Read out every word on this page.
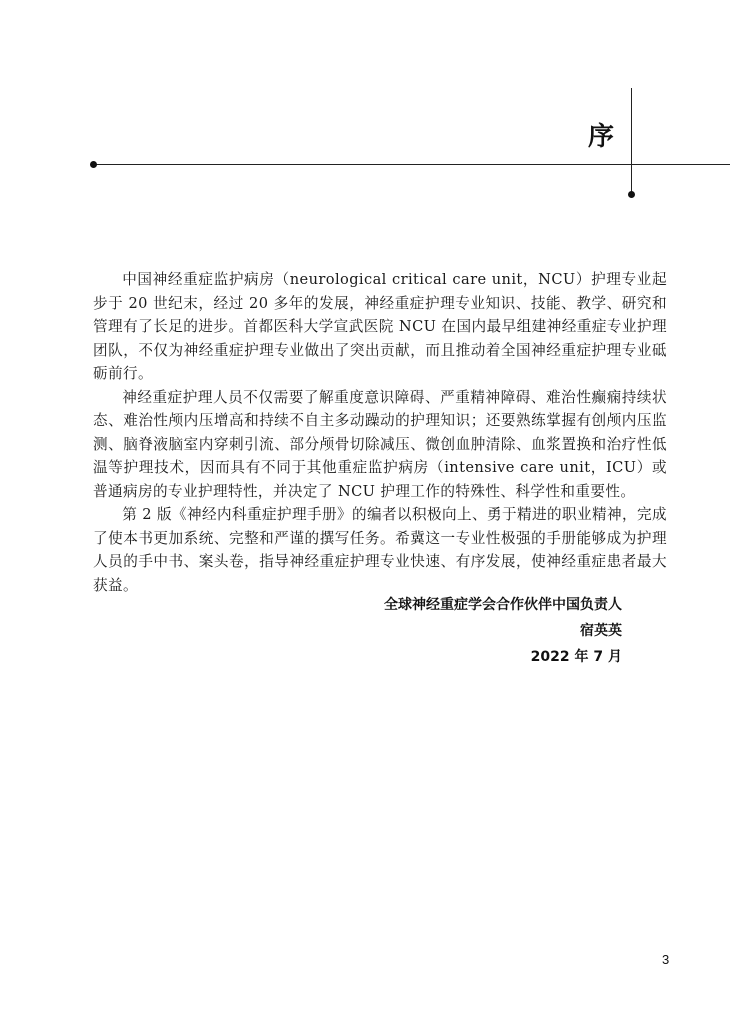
序

中国神经重症监护病房（neurological critical care unit，NCU）护理专业起步于 20 世纪末，经过 20 多年的发展，神经重症护理专业知识、技能、教学、研究和管理有了长足的进步。首都医科大学宣武医院 NCU 在国内最早组建神经重症专业护理团队，不仅为神经重症护理专业做出了突出贡献，而且推动着全国神经重症护理专业砥砺前行。

神经重症护理人员不仅需要了解重度意识障碍、严重精神障碍、难治性癫痫持续状态、难治性颅内压增高和持续不自主多动躁动的护理知识；还要熟练掌握有创颅内压监测、脑脊液脑室内穿刺引流、部分颅骨切除减压、微创血肿清除、血浆置换和治疗性低温等护理技术，因而具有不同于其他重症监护病房（intensive care unit，ICU）或普通病房的专业护理特性，并决定了 NCU 护理工作的特殊性、科学性和重要性。

第 2 版《神经内科重症护理手册》的编者以积极向上、勇于精进的职业精神，完成了使本书更加系统、完整和严谨的撰写任务。希冀这一专业性极强的手册能够成为护理人员的手中书、案头卷，指导神经重症护理专业快速、有序发展，使神经重症患者最大获益。

全球神经重症学会合作伙伴中国负责人
宿英英
2022 年 7 月
3
